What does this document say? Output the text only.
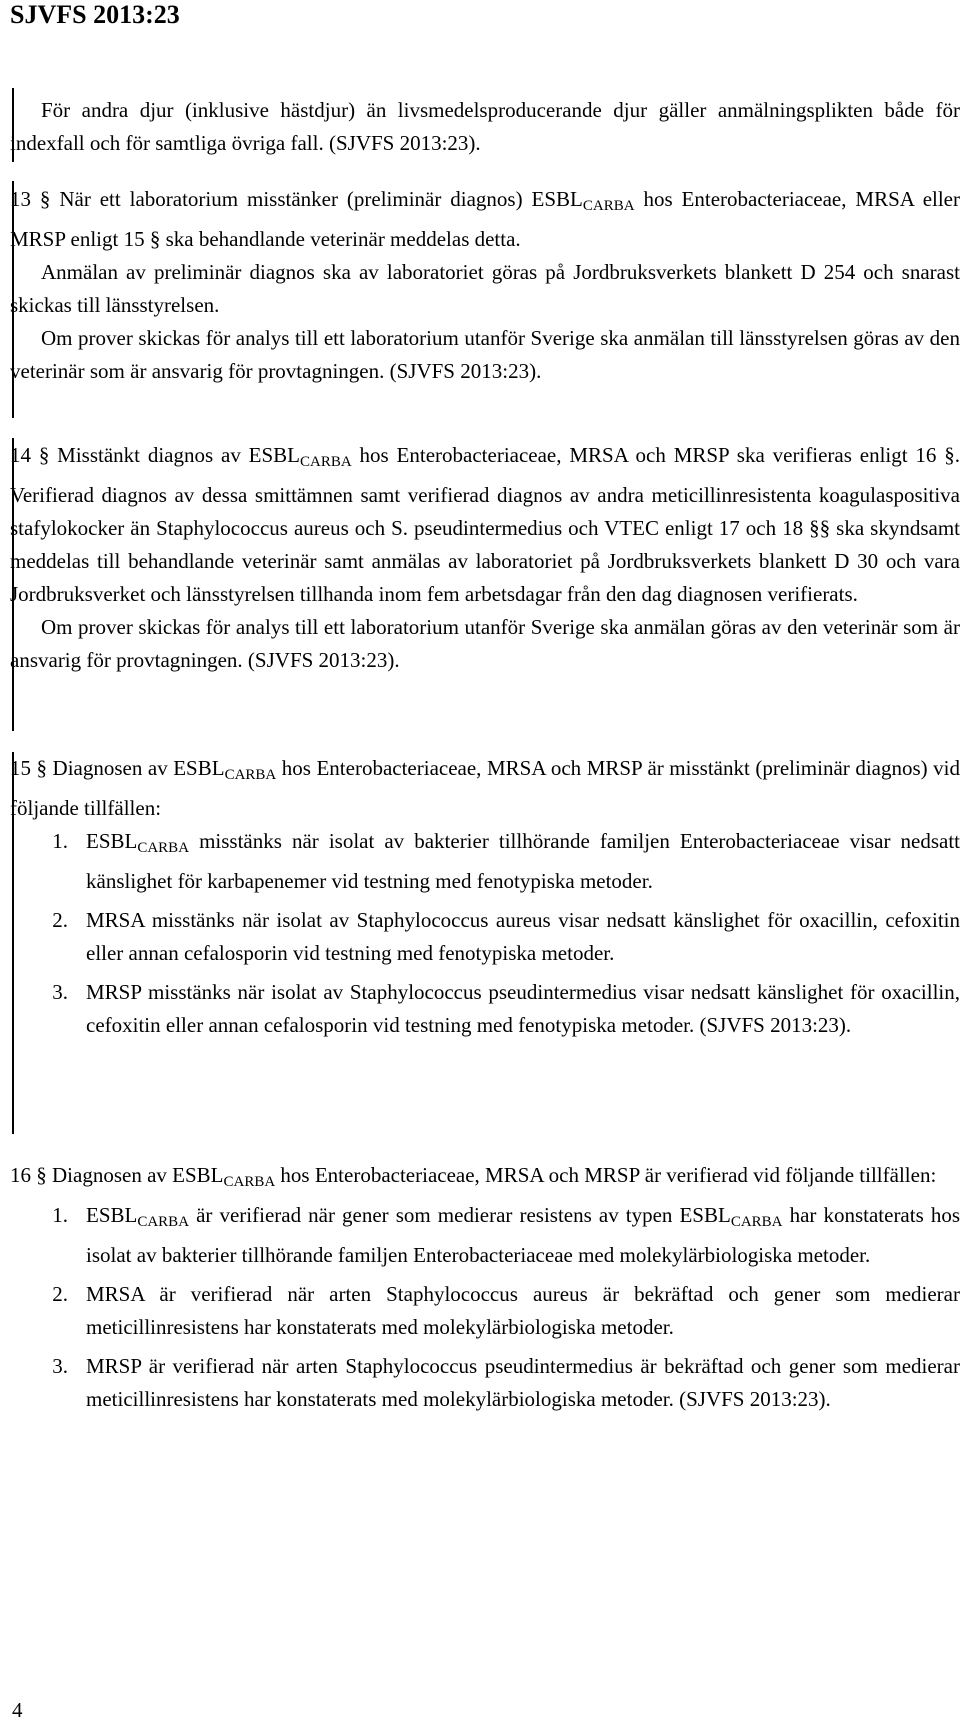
SJVFS 2013:23

För andra djur (inklusive hästdjur) än livsmedelsproducerande djur gäller anmälningsplikten både för indexfall och för samtliga övriga fall. (SJVFS 2013:23).

13 § När ett laboratorium misstänker (preliminär diagnos) $ESBL_{CARBA}$ hos Enterobacteriaceae, MRSA eller MRSP enligt 15 § ska behandlande veterinär meddelas detta.

Anmälan av preliminär diagnos ska av laboratoriet göras på Jordbruksverkets blankett D 254 och snarast skickas till länsstyrelsen.

Om prover skickas för analys till ett laboratorium utanför Sverige ska anmälan till länsstyrelsen göras av den veterinär som är ansvarig för provtagningen. (SJVFS 2013:23).

14 § Misstänkt diagnos av $ESBL_{CARBA}$ hos Enterobacteriaceae, MRSA och MRSP ska verifieras enligt 16 §. Verifierad diagnos av dessa smittämnen samt verifierad diagnos av andra meticillinresistenta koagulaspositiva stafylokocker än Staphylococcus aureus och S. pseudintermedius och VTEC enligt 17 och 18 §§ ska skyndsamt meddelas till behandlande veterinär samt anmälas av laboratoriet på Jordbruksverkets blankett D 30 och vara Jordbruksverket och länsstyrelsen tillhanda inom fem arbetsdagar från den dag diagnosen verifierats.

Om prover skickas för analys till ett laboratorium utanför Sverige ska anmälan göras av den veterinär som är ansvarig för provtagningen. (SJVFS 2013:23).

15 § Diagnosen av $ESBL_{CARBA}$ hos Enterobacteriaceae, MRSA och MRSP är misstänkt (preliminär diagnos) vid följande tillfällen:

1. $ESBL_{CARBA}$ misstänks när isolat av bakterier tillhörande familjen Enterobacteriaceae visar nedsatt känslighet för karbapenemer vid testning med fenotypiska metoder.
2. MRSA misstänks när isolat av Staphylococcus aureus visar nedsatt känslighet för oxacillin, cefoxitin eller annan cefalosporin vid testning med fenotypiska metoder.
3. MRSP misstänks när isolat av Staphylococcus pseudintermedius visar nedsatt känslighet för oxacillin, cefoxitin eller annan cefalosporin vid testning med fenotypiska metoder. (SJVFS 2013:23).

16 § Diagnosen av $ESBL_{CARBA}$ hos Enterobacteriaceae, MRSA och MRSP är verifierad vid följande tillfällen:

1. $ESBL_{CARBA}$ är verifierad när gener som medierar resistens av typen $ESBL_{CARBA}$ har konstaterats hos isolat av bakterier tillhörande familjen Enterobacteriaceae med molekylärbiologiska metoder.
2. MRSA är verifierad när arten Staphylococcus aureus är bekräftad och gener som medierar meticillinresistens har konstaterats med molekylärbiologiska metoder.
3. MRSP är verifierad när arten Staphylococcus pseudintermedius är bekräftad och gener som medierar meticillinresistens har konstaterats med molekylärbiologiska metoder. (SJVFS 2013:23).
4
